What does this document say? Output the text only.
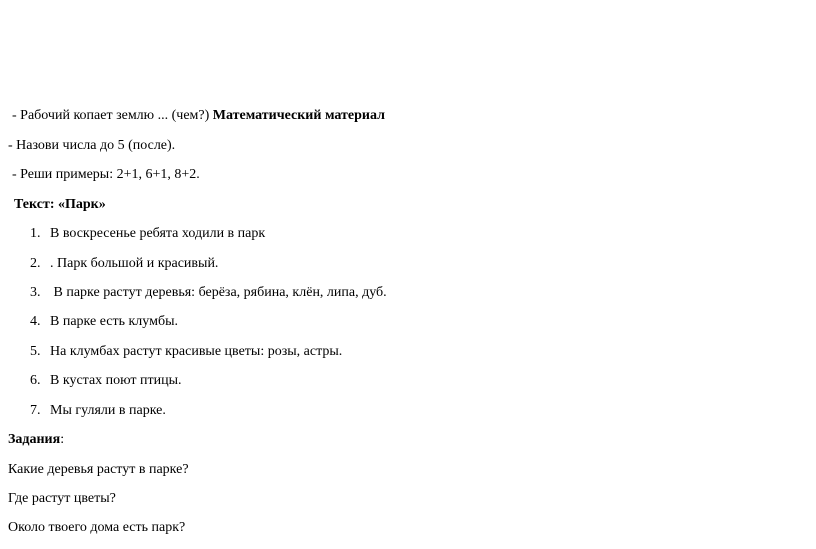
- Рабочий копает землю ... (чем?) Математический материал
- Назови числа до 5 (после).
- Реши примеры: 2+1, 6+1, 8+2.
Текст: «Парк»
1. В воскресенье ребята ходили в парк
2. . Парк большой и красивый.
3. В парке растут деревья: берёза, рябина, клён, липа, дуб.
4. В парке есть клумбы.
5. На клумбах растут красивые цветы: розы, астры.
6. В кустах поют птицы.
7. Мы гуляли в парке.
Задания:
Какие деревья растут в парке?
Где растут цветы?
Около твоего дома есть парк?
